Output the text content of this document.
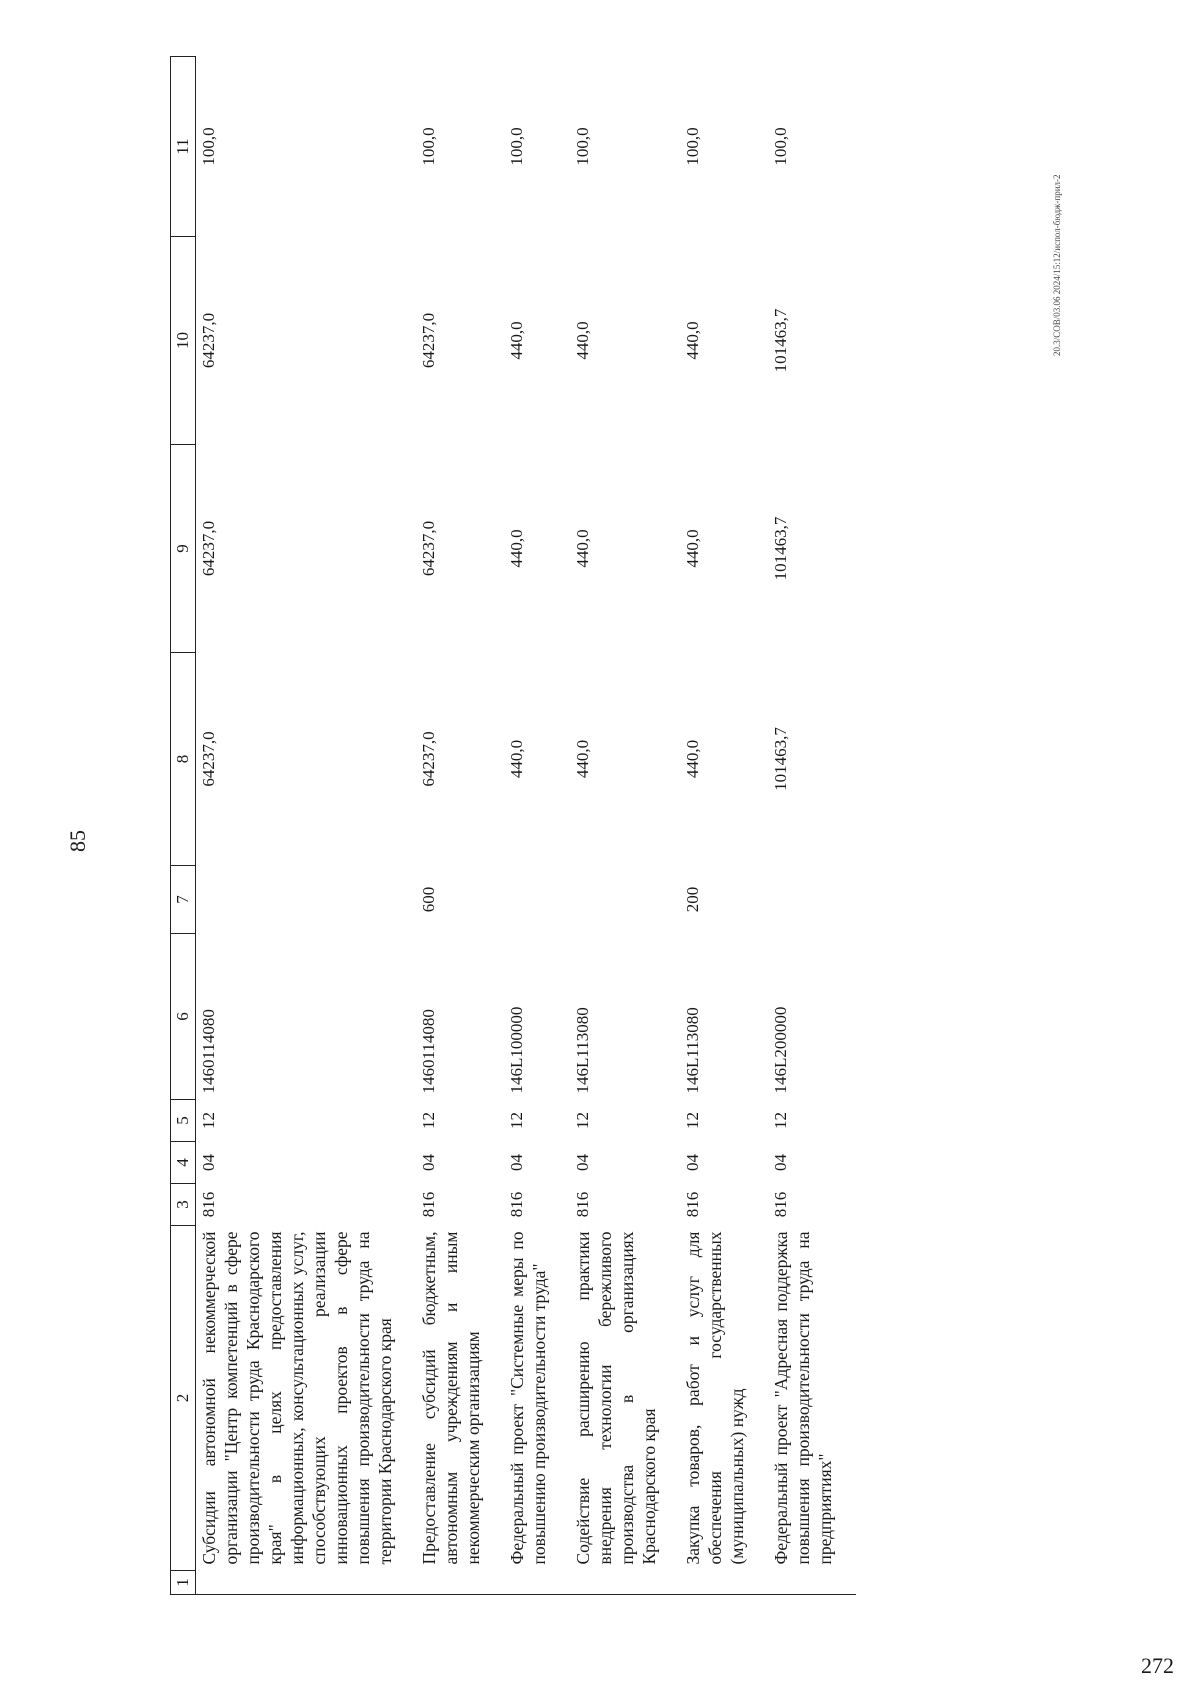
85
20.3/СОВ/03.06 2024/15:12/испол-бюдж-прил-2
272
1	2	3	4	5	6	7	8	9	10	11
	Субсидии автономной некоммерческой организации "Центр компетенций в сфере производительности труда Краснодарского края" в целях предоставления информационных, консультационных услуг, способствующих реализации инновационных проектов в сфере повышения производительности труда на территории Краснодарского края	816	04	12	1460114080		64237,0	64237,0	64237,0	100,0
	Предоставление субсидий бюджетным, автономным учреждениям и иным некоммерческим организациям	816	04	12	1460114080	600	64237,0	64237,0	64237,0	100,0
	Федеральный проект "Системные меры по повышению производительности труда"	816	04	12	146L100000		440,0	440,0	440,0	100,0
	Содействие расширению практики внедрения технологии бережливого производства в организациях Краснодарского края	816	04	12	146L113080		440,0	440,0	440,0	100,0
	Закупка товаров, работ и услуг для обеспечения государственных (муниципальных) нужд	816	04	12	146L113080	200	440,0	440,0	440,0	100,0
	Федеральный проект "Адресная поддержка повышения производительности труда на предприятиях"	816	04	12	146L200000		101463,7	101463,7	101463,7	100,0
